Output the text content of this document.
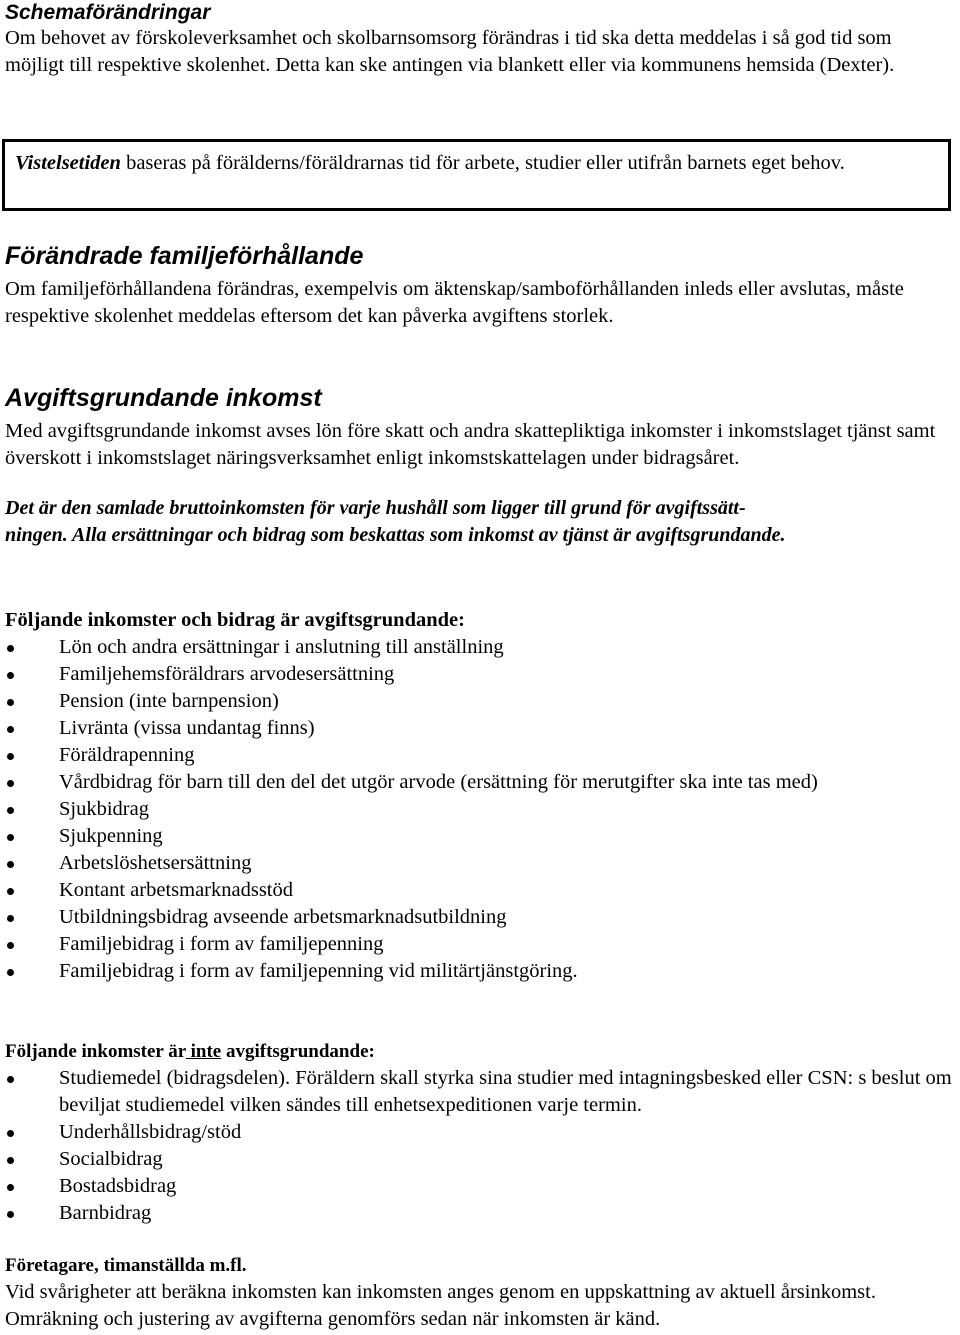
Schemaförändringar

Om behovet av förskoleverksamhet och skolbarnsomsorg förändras i tid ska detta meddelas i så god tid som möjligt till respektive skolenhet. Detta kan ske antingen via blankett eller via kommunens hemsida (Dexter).

Vistelsetiden baseras på förälderns/föräldrarnas tid för arbete, studier eller utifrån barnets eget behov.

Förändrade familjeförhållande

Om familjeförhållandena förändras, exempelvis om äktenskap/samboförhållanden inleds eller avslutas, måste respektive skolenhet meddelas eftersom det kan påverka avgiftens storlek.

Avgiftsgrundande inkomst

Med avgiftsgrundande inkomst avses lön före skatt och andra skattepliktiga inkomster i inkomstslaget tjänst samt överskott i inkomstslaget näringsverksamhet enligt inkomstskattelagen under bidragsåret.

Det är den samlade bruttoinkomsten för varje hushåll som ligger till grund för avgiftssätt-
ningen. Alla ersättningar och bidrag som beskattas som inkomst av tjänst är avgiftsgrundande.

Följande inkomster och bidrag är avgiftsgrundande:

Lön och andra ersättningar i anslutning till anställning
Familjehemsföräldrars arvodesersättning
Pension (inte barnpension)
Livränta (vissa undantag finns)
Föräldrapenning
Vårdbidrag för barn till den del det utgör arvode (ersättning för merutgifter ska inte tas med)
Sjukbidrag
Sjukpenning
Arbetslöshetsersättning
Kontant arbetsmarknadsstöd
Utbildningsbidrag avseende arbetsmarknadsutbildning
Familjebidrag i form av familjepenning
Familjebidrag i form av familjepenning vid militärtjänstgöring.

Följande inkomster är inte avgiftsgrundande:

Studiemedel (bidragsdelen). Föräldern skall styrka sina studier med intagningsbesked eller CSN: s beslut om beviljat studiemedel vilken sändes till enhetsexpeditionen varje termin.
Underhållsbidrag/stöd
Socialbidrag
Bostadsbidrag
Barnbidrag

Företagare, timanställda m.fl.

Vid svårigheter att beräkna inkomsten kan inkomsten anges genom en uppskattning av aktuell årsinkomst. Omräkning och justering av avgifterna genomförs sedan när inkomsten är känd.
